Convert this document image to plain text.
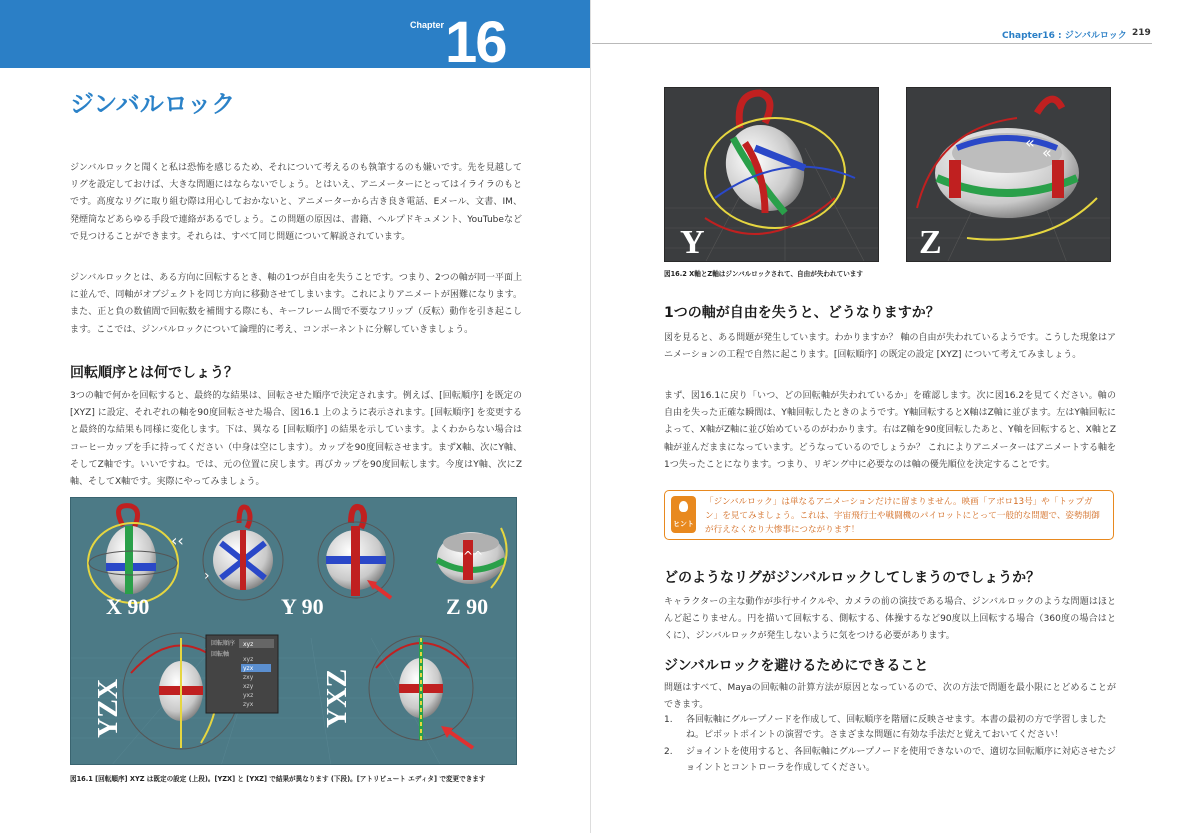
Chapter 16
ジンバルロック

ジンバルロックと聞くと私は恐怖を感じるため、それについて考えるのも執筆するのも嫌いです。先を見越してリグを設定しておけば、大きな問題にはならないでしょう。とはいえ、アニメーターにとってはイライラのもとです。高度なリグに取り組む際は用心しておかないと、アニメーターから古き良き電話、Eメール、文書、IM、発煙筒などあらゆる手段で連絡があるでしょう。この問題の原因は、書籍、ヘルプドキュメント、YouTubeなどで見つけることができます。それらは、すべて同じ問題について解説されています。

ジンバルロックとは、ある方向に回転するとき、軸の1つが自由を失うことです。つまり、2つの軸が同一平面上に並んで、同軸がオブジェクトを同じ方向に移動させてしまいます。これによりアニメートが困難になります。また、正と負の数値間で回転数を補間する際にも、キーフレーム間で不要なフリップ（反転）動作を引き起こします。ここでは、ジンバルロックについて論理的に考え、コンポーネントに分解していきましょう。

回転順序とは何でしょう？

3つの軸で何かを回転すると、最終的な結果は、回転させた順序で決定されます。例えば、[回転順序] を既定の [XYZ] に設定、それぞれの軸を90度回転させた場合、図16.1 上のように表示されます。[回転順序] を変更すると最終的な結果も同様に変化します。下は、異なる [回転順序] の結果を示しています。よくわからない場合はコーヒーカップを手に持ってください（中身は空にします）。カップを90度回転させます。まずX軸、次にY軸、そしてZ軸です。いいですね。では、元の位置に戻します。再びカップを90度回転します。今度はY軸、次にZ軸、そしてX軸です。実際にやってみましょう。

‹‹
X 90
›
Y 90
^^
Z 90
YZX
回転順序
回転軸
xyz
xyz
yzx
zxy
xzy
yxz
zyx YXZ
図16.1 [回転順序] XYZ は既定の設定 (上段)。[YZX] と [YXZ] で結果が異なります (下段)。[アトリビュート エディタ] で変更できます
Chapter16 : ジンバルロック 219
Y
«
«
Z
図16.2 X軸とZ軸はジンバルロックされて、自由が失われています
1つの軸が自由を失うと、どうなりますか？

図を見ると、ある問題が発生しています。わかりますか？ 軸の自由が失われているようです。こうした現象はアニメーションの工程で自然に起こります。[回転順序] の既定の設定 [XYZ] について考えてみましょう。

まず、図16.1に戻り「いつ、どの回転軸が失われているか」を確認します。次に図16.2を見てください。軸の自由を失った正確な瞬間は、Y軸回転したときのようです。Y軸回転するとX軸はZ軸に並びます。左はY軸回転によって、X軸がZ軸に並び始めているのがわかります。右はZ軸を90度回転したあと、Y軸を回転すると、X軸とZ軸が並んだままになっています。どうなっているのでしょうか？ これによりアニメーターはアニメートする軸を1つ失ったことになります。つまり、リギング中に必要なのは軸の優先順位を決定することです。

ヒント

「ジンバルロック」は単なるアニメーションだけに留まりません。映画「アポロ13号」や「トップガン」を見てみましょう。これは、宇宙飛行士や戦闘機のパイロットにとって一般的な問題で、姿勢制御が行えなくなり大惨事につながります！

どのようなリグがジンバルロックしてしまうのでしょうか？

キャラクターの主な動作が歩行サイクルや、カメラの前の演技である場合、ジンバルロックのような問題はほとんど起こりません。円を描いて回転する、側転する、体操するなど90度以上回転する場合（360度の場合はとくに）、ジンバルロックが発生しないように気をつける必要があります。

ジンバルロックを避けるためにできること

問題はすべて、Mayaの回転軸の計算方法が原因となっているので、次の方法で問題を最小限にとどめることができます。

1. 各回転軸にグループノードを作成して、回転順序を階層に反映させます。本書の最初の方で学習しましたね。ピボットポイントの演習です。さまざまな問題に有効な手法だと覚えておいてください！
2. ジョイントを使用すると、各回転軸にグループノードを使用できないので、適切な回転順序に対応させたジョイントとコントローラを作成してください。
